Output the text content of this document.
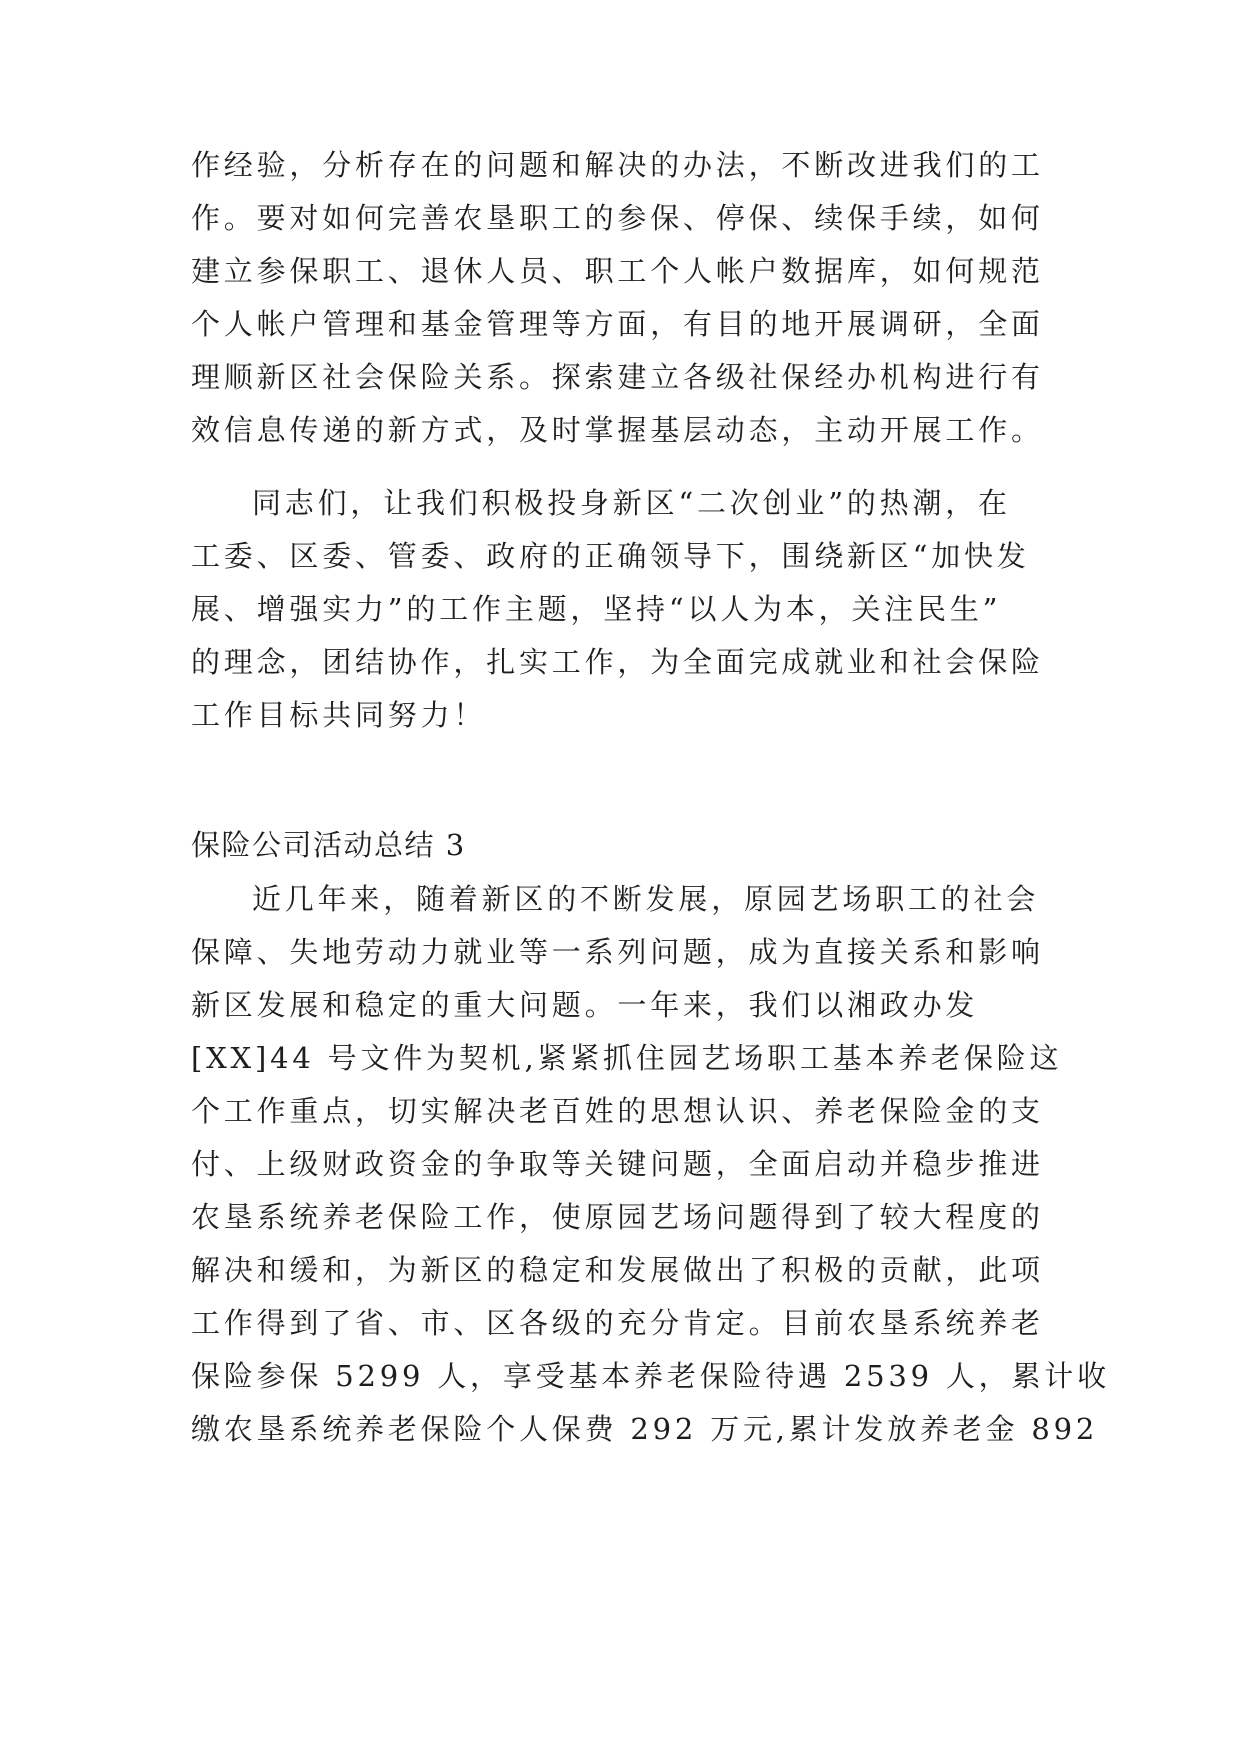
作经验，分析存在的问题和解决的办法，不断改进我们的工
作。要对如何完善农垦职工的参保、停保、续保手续，如何
建立参保职工、退休人员、职工个人帐户数据库，如何规范
个人帐户管理和基金管理等方面，有目的地开展调研，全面
理顺新区社会保险关系。探索建立各级社保经办机构进行有
效信息传递的新方式，及时掌握基层动态，主动开展工作。
同志们，让我们积极投身新区“二次创业”的热潮，在
工委、区委、管委、政府的正确领导下，围绕新区“加快发
展、增强实力”的工作主题，坚持“以人为本，关注民生”
的理念，团结协作，扎实工作，为全面完成就业和社会保险
工作目标共同努力！
保险公司活动总结 3
近几年来，随着新区的不断发展，原园艺场职工的社会
保障、失地劳动力就业等一系列问题，成为直接关系和影响
新区发展和稳定的重大问题。一年来，我们以湘政办发
[XX]44 号文件为契机,紧紧抓住园艺场职工基本养老保险这
个工作重点，切实解决老百姓的思想认识、养老保险金的支
付、上级财政资金的争取等关键问题，全面启动并稳步推进
农垦系统养老保险工作，使原园艺场问题得到了较大程度的
解决和缓和，为新区的稳定和发展做出了积极的贡献，此项
工作得到了省、市、区各级的充分肯定。目前农垦系统养老
保险参保 5299 人，享受基本养老保险待遇 2539 人，累计收
缴农垦系统养老保险个人保费 292 万元,累计发放养老金 892
